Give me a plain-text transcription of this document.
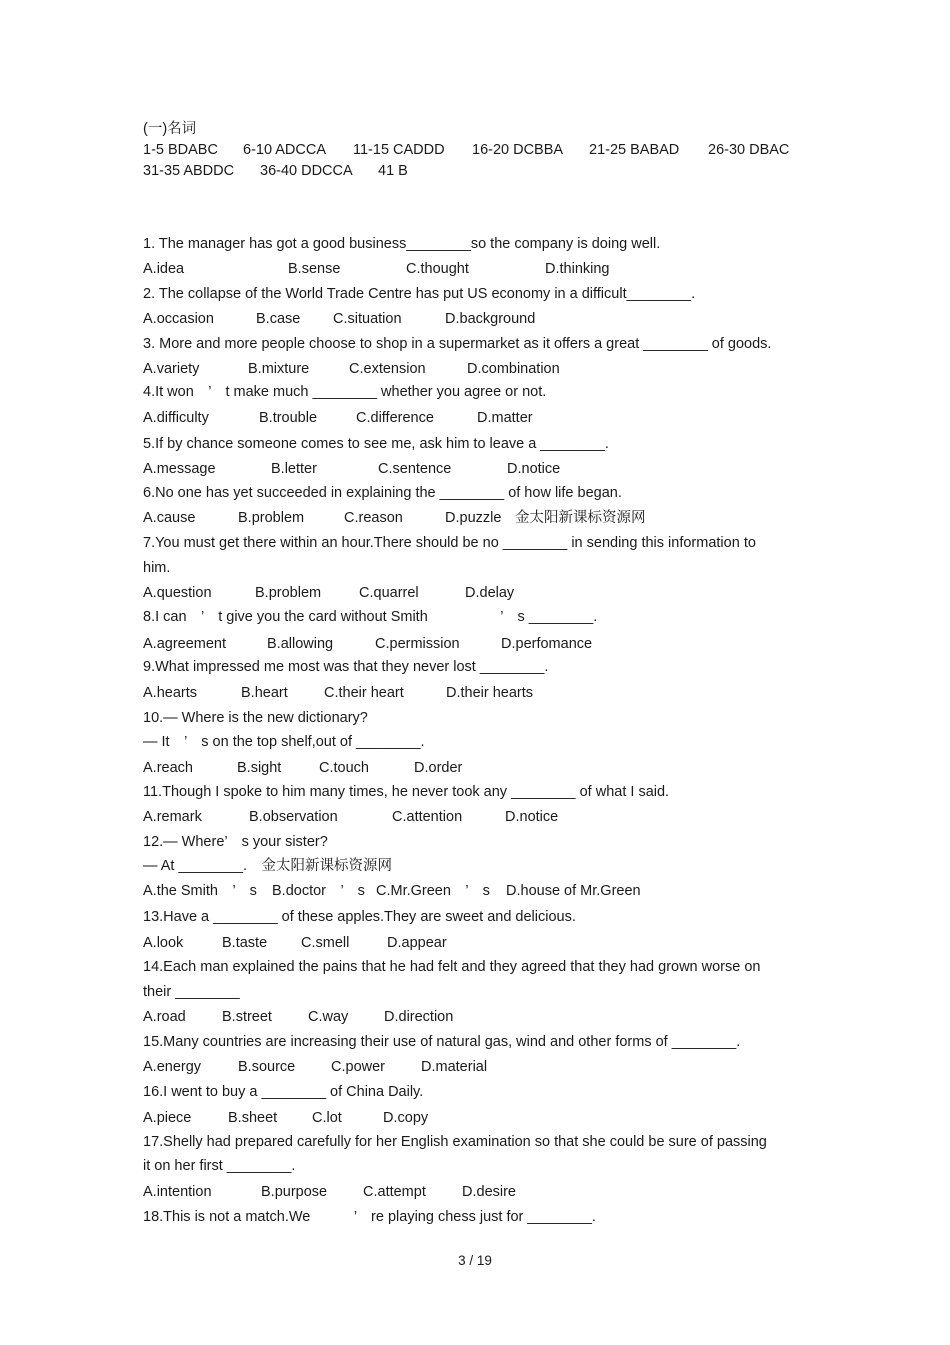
(一)名词

1-5 BDABC

6-10 ADCCA

11-15 CADDD

16-20 DCBBA

21-25 BABAD

26-30 DBAC

31-35 ABDDC

36-40 DDCCA

41 B

1. The manager has got a good business________so the company is doing well.

A.idea

	B.sense

	C.thought

	D.thinking

2. The collapse of the World Trade Centre has put US economy in a difficult________.

A.occasion

	B.case

C.situation

	D.background

3. More and more people choose to shop in a supermarket as it offers a great ________ of goods.

A.variety

	B.mixture

	C.extension

	D.combination

4.It won　’　t make much ________ whether you agree or not.

A.difficulty

	B.trouble

	C.difference

	D.matter

5.If by chance someone comes to see me, ask him to leave a ________.

A.message

	B.letter

	C.sentence

	D.notice

6.No one has yet succeeded in explaining the ________ of how life began.

A.cause

	B.problem

	C.reason

	D.puzzle

金太阳新课标资源网

7.You must get there within an hour.There should be no ________ in sending this information to
him.

A.question

	B.problem

	C.quarrel

	D.delay

8.I can　’　t give you the card without Smith　　　　　’　s ________.

A.agreement

	B.allowing

	C.permission

	D.perfomance

9.What impressed me most was that they never lost ________.

A.hearts

	B.heart

	C.their heart

	D.their hearts

10.— Where is the new dictionary?
— It　’　s on the top shelf,out of ________.

A.reach

	B.sight

	C.touch

	D.order

11.Though I spoke to him many times, he never took any ________ of what I said.

A.remark

	B.observation

	C.attention

	D.notice

12.— Where’　s your sister?
— At ________.　金太阳新课标资源网

A.the Smith　’　s

B.doctor　’　s

C.Mr.Green　’　s

D.house of Mr.Green

13.Have a ________ of these apples.They are sweet and delicious.

A.look

	B.taste

C.smell

	D.appear

14.Each man explained the pains that he had felt and they agreed that they had grown worse on
their ________

A.road

	B.street

C.way

D.direction

15.Many countries are increasing their use of natural gas, wind and other forms of ________.

A.energy

	B.source

C.power

D.material

16.I went to buy a ________ of China Daily.

A.piece

	B.sheet

C.lot

	D.copy

17.Shelly had prepared carefully for her English examination so that she could be sure of passing
it on her first ________.

A.intention

	B.purpose

C.attempt

D.desire

18.This is not a match.We　　　’　re playing chess just for ________.
3 / 19
